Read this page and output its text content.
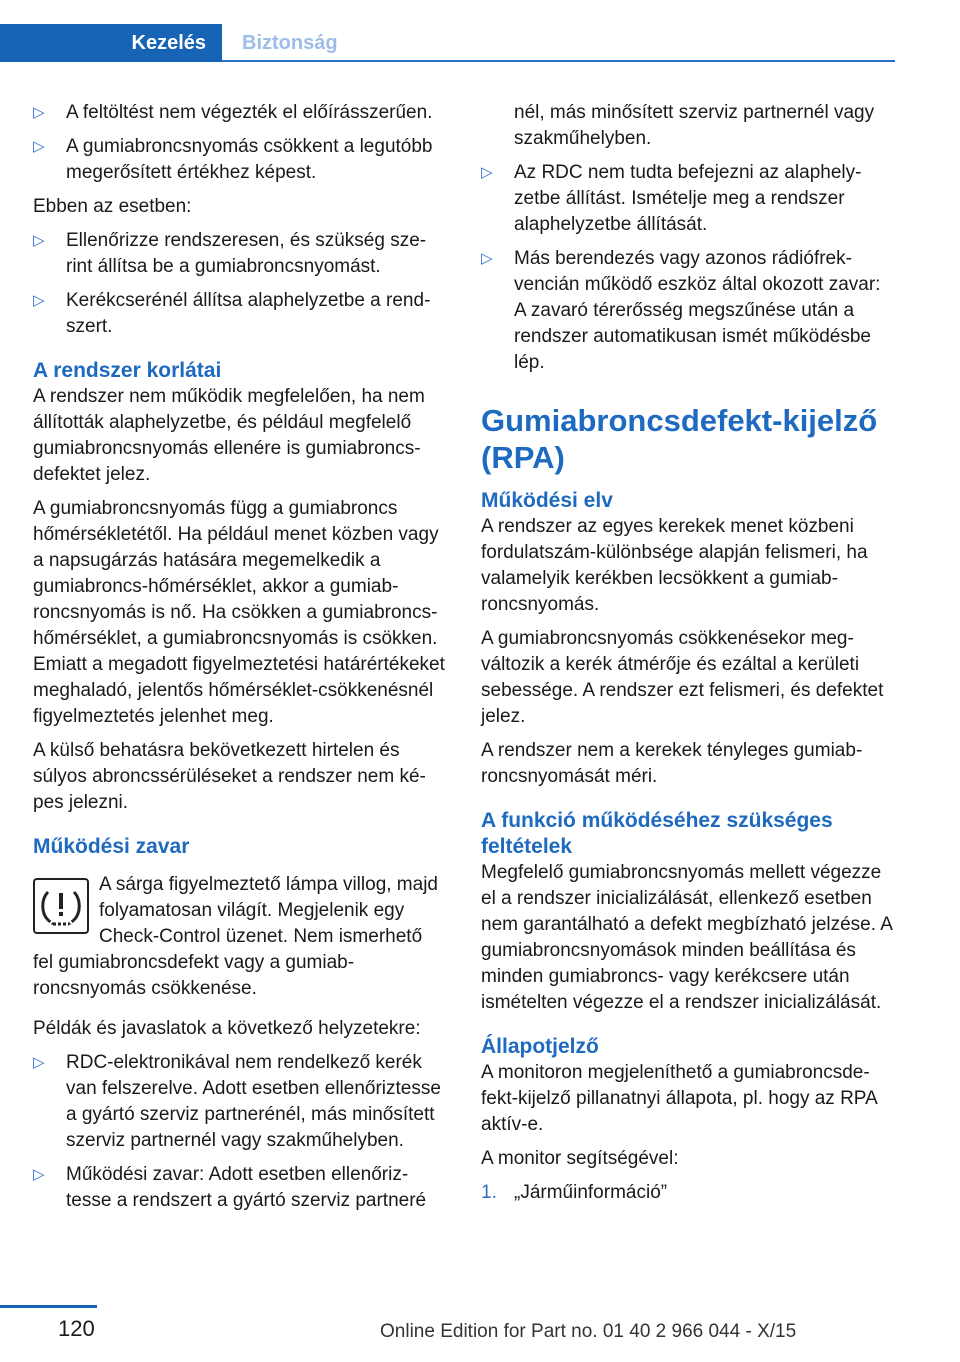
Kezelés	Biztonság
▷ A feltöltést nem végezték el előírásszerűen.
▷ A gumiabroncsnyomás csökkent a legutóbb megerősített értékhez képest.

Ebben az esetben:

▷ Ellenőrizze rendszeresen, és szükség szerint állítsa be a gumiabroncsnyomást.
▷ Kerékcserénél állítsa alaphelyzetbe a rendszert.
A rendszer korlátai

A rendszer nem működik megfelelően, ha nem állították alaphelyzetbe, és például megfelelő gumiabroncsnyomás ellenére is gumiabroncsdefektet jelez.

A gumiabroncsnyomás függ a gumiabroncs hőmérsékletétől. Ha például menet közben vagy a napsugárzás hatására megemelkedik a gumiabroncs-hőmérséklet, akkor a gumiabroncsnyomás is nő. Ha csökken a gumiabroncs-hőmérséklet, a gumiabroncsnyomás is csökken. Emiatt a megadott figyelmeztetési határértékeket meghaladó, jelentős hőmérséklet-csökkenésnél figyelmeztetés jelenhet meg.

A külső behatásra bekövetkezett hirtelen és súlyos abroncssérüléseket a rendszer nem képes jelezni.

Működési zavar

A sárga figyelmeztető lámpa villog, majd folyamatosan világít. Megjelenik egy Check-Control üzenet. Nem ismerhető fel gumiabroncsdefekt vagy a gumiabroncsnyomás csökkenése.

Példák és javaslatok a következő helyzetekre:

▷ RDC-elektronikával nem rendelkező kerék van felszerelve. Adott esetben ellenőriztesse a gyártó szerviz partnerénél, más minősített szerviz partnernél vagy szakműhelyben.
▷ Működési zavar: Adott esetben ellenőriztesse a rendszert a gyártó szerviz partneré
nél, más minősített szerviz partnernél vagy szakműhelyben.
▷ Az RDC nem tudta befejezni az alaphelyzetbe állítást. Ismételje meg a rendszer alaphelyzetbe állítását.
▷ Más berendezés vagy azonos rádiófrekvencián működő eszköz által okozott zavar: A zavaró térerősség megszűnése után a rendszer automatikusan ismét működésbe lép.
Gumiabroncsdefekt-kijelző (RPA)
Működési elv

A rendszer az egyes kerekek menet közbeni fordulatszám-különbsége alapján felismeri, ha valamelyik kerékben lecsökkent a gumiabroncsnyomás.

A gumiabroncsnyomás csökkenésekor megváltozik a kerék átmérője és ezáltal a kerületi sebessége. A rendszer ezt felismeri, és defektet jelez.

A rendszer nem a kerekek tényleges gumiabroncsnyomását méri.

A funkció működéséhez szükséges feltételek

Megfelelő gumiabroncsnyomás mellett végezze el a rendszer inicializálását, ellenkező esetben nem garantálható a defekt megbízható jelzése. A gumiabroncsnyomások minden beállítása és minden gumiabroncs- vagy kerékcsere után ismételten végezze el a rendszer inicializálását.

Állapotjelző

A monitoron megjeleníthető a gumiabroncsdefekt-kijelző pillanatnyi állapota, pl. hogy az RPA aktív-e.

A monitor segítségével:

1. „Járműinformáció”
120	Online Edition for Part no. 01 40 2 966 044 - X/15
